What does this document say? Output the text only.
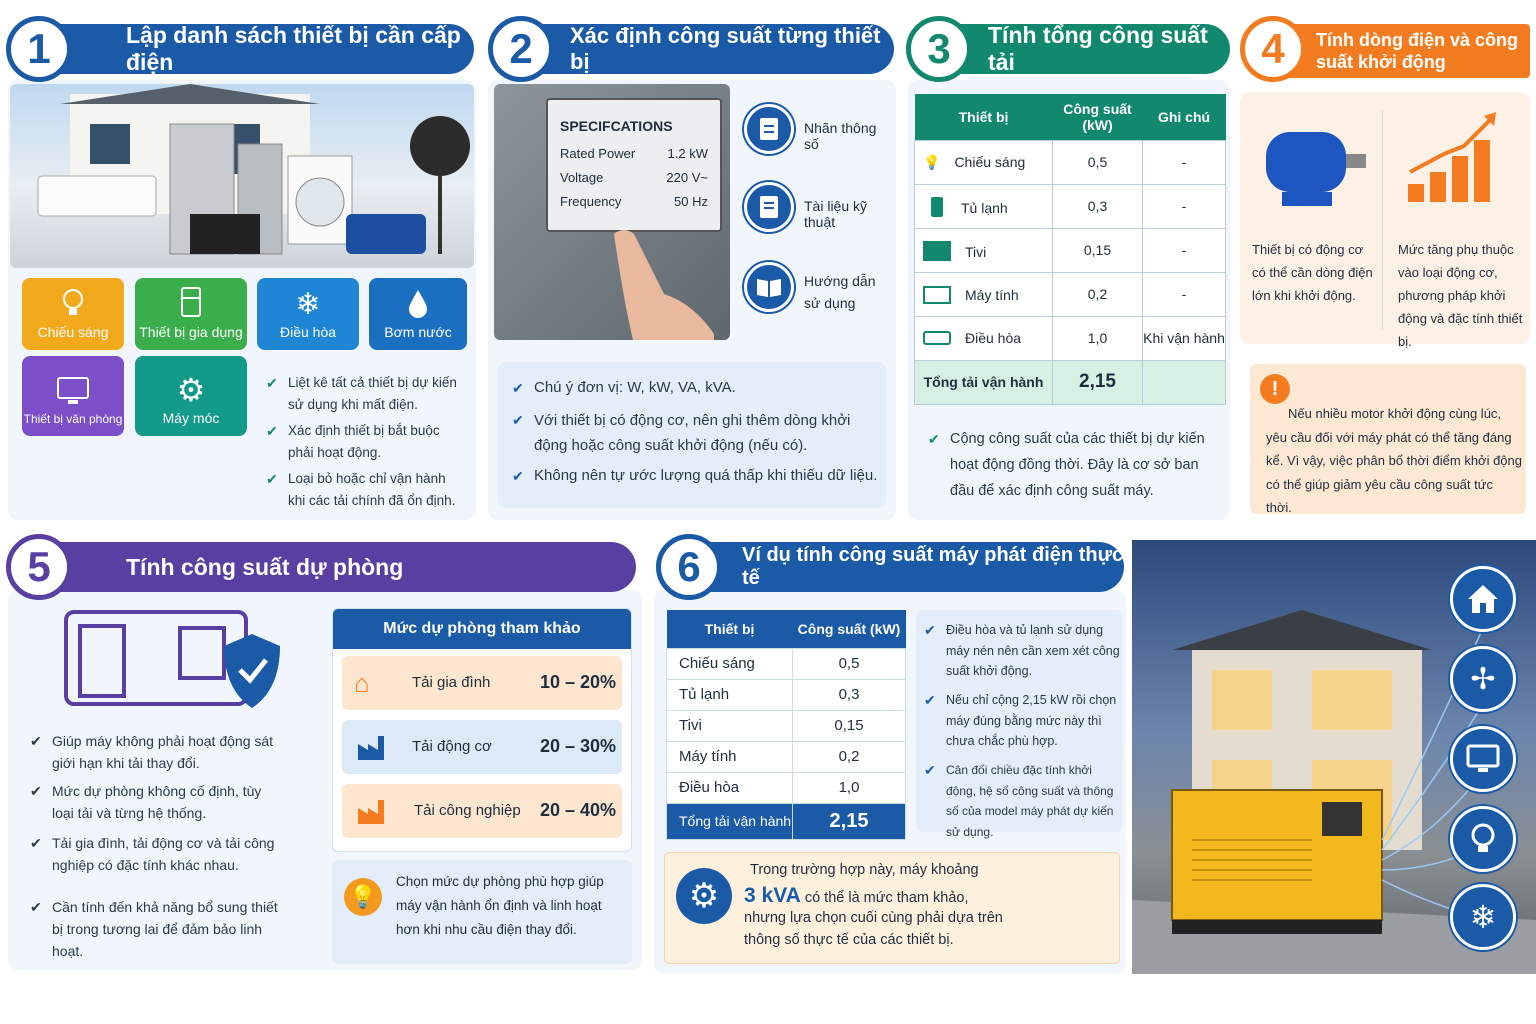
Lập danh sách thiết bị cần cấp điện
1
Chiếu sáng Thiết bị gia dụng
❄
Điều hòa	Bơm nước
Thiết bị văn phòng
⚙
Máy móc
✔ Liệt kê tất cả thiết bị dự kiến sử dụng khi mất điện.
✔ Xác định thiết bị bắt buộc phải hoạt động.
✔ Loại bỏ hoặc chỉ vận hành khi các tải chính đã ổn định.
Xác định công suất từng thiết bị
2
SPECIFCATIONS
Rated Power 1.2 kW
Voltage	220 V~
Frequency	50 Hz
Nhãn thông số
Tài liệu kỹ thuật
Hướng dẫn sử dụng
✔ Chú ý đơn vị: W, kW, VA, kVA.
✔ Với thiết bị có động cơ, nên ghi thêm dòng khởi động hoặc công suất khởi động (nếu có).
✔ Không nên tự ước lượng quá thấp khi thiếu dữ liệu.
Tính tổng công suất tải
3
Thiết bị	Công suất (kW)	Ghi chú
💡 Chiếu sáng	0,5	-
Tủ lạnh	0,3	-
Tivi	0,15	-
Máy tính	0,2	-
Điều hòa	1,0	Khi vận hành
Tổng tải vận hành	2,15	
✔ Cộng công suất của các thiết bị dự kiến hoạt động đồng thời. Đây là cơ sở ban đầu để xác định công suất máy.
Tính dòng điện và công suất khởi động
4
Thiết bị có động cơ có thể cần dòng điện lớn khi khởi động.
Mức tăng phụ thuộc vào loại động cơ, phương pháp khởi động và đặc tính thiết bị.
!
Nếu nhiều motor khởi động cùng lúc, yêu cầu đối với máy phát có thể tăng đáng kể. Vì vậy, việc phân bổ thời điểm khởi động có thể giúp giảm yêu cầu công suất tức thời.
Tính công suất dự phòng
5
✔ Giúp máy không phải hoạt động sát giới hạn khi tải thay đổi.
✔ Mức dự phòng không cố định, tùy loại tải và từng hệ thống.
✔ Tải gia đình, tải động cơ và tải công nghiệp có đặc tính khác nhau.
✔ Cần tính đến khả năng bổ sung thiết bị trong tương lai để đảm bảo linh hoạt.
Mức dự phòng tham khảo
⌂	Tải gia đình	10 – 20%
Tải động cơ	20 – 30%
Tải công nghiệp 20 – 40%
💡
Chọn mức dự phòng phù hợp giúp máy vận hành ổn định và linh hoạt hơn khi nhu cầu điện thay đổi.
Ví dụ tính công suất máy phát điện thực tế
6
Thiết bị	Công suất (kW)
Chiếu sáng	0,5
Tủ lạnh	0,3
Tivi	0,15
Máy tính	0,2
Điều hòa	1,0
Tổng tải vận hành	2,15
✔ Điều hòa và tủ lạnh sử dụng máy nén nên cần xem xét công suất khởi động.
✔ Nếu chỉ cộng 2,15 kW rồi chọn máy đúng bằng mức này thì chưa chắc phù hợp.
✔ Cân đối chiều đặc tính khởi động, hệ số công suất và thông số của model máy phát dự kiến sử dụng.
⚙
Trong trường hợp này, máy khoảng
3 kVA có thể là mức tham khảo,
nhưng lựa chọn cuối cùng phải dựa trên
thông số thực tế của các thiết bị.
✢
❄
